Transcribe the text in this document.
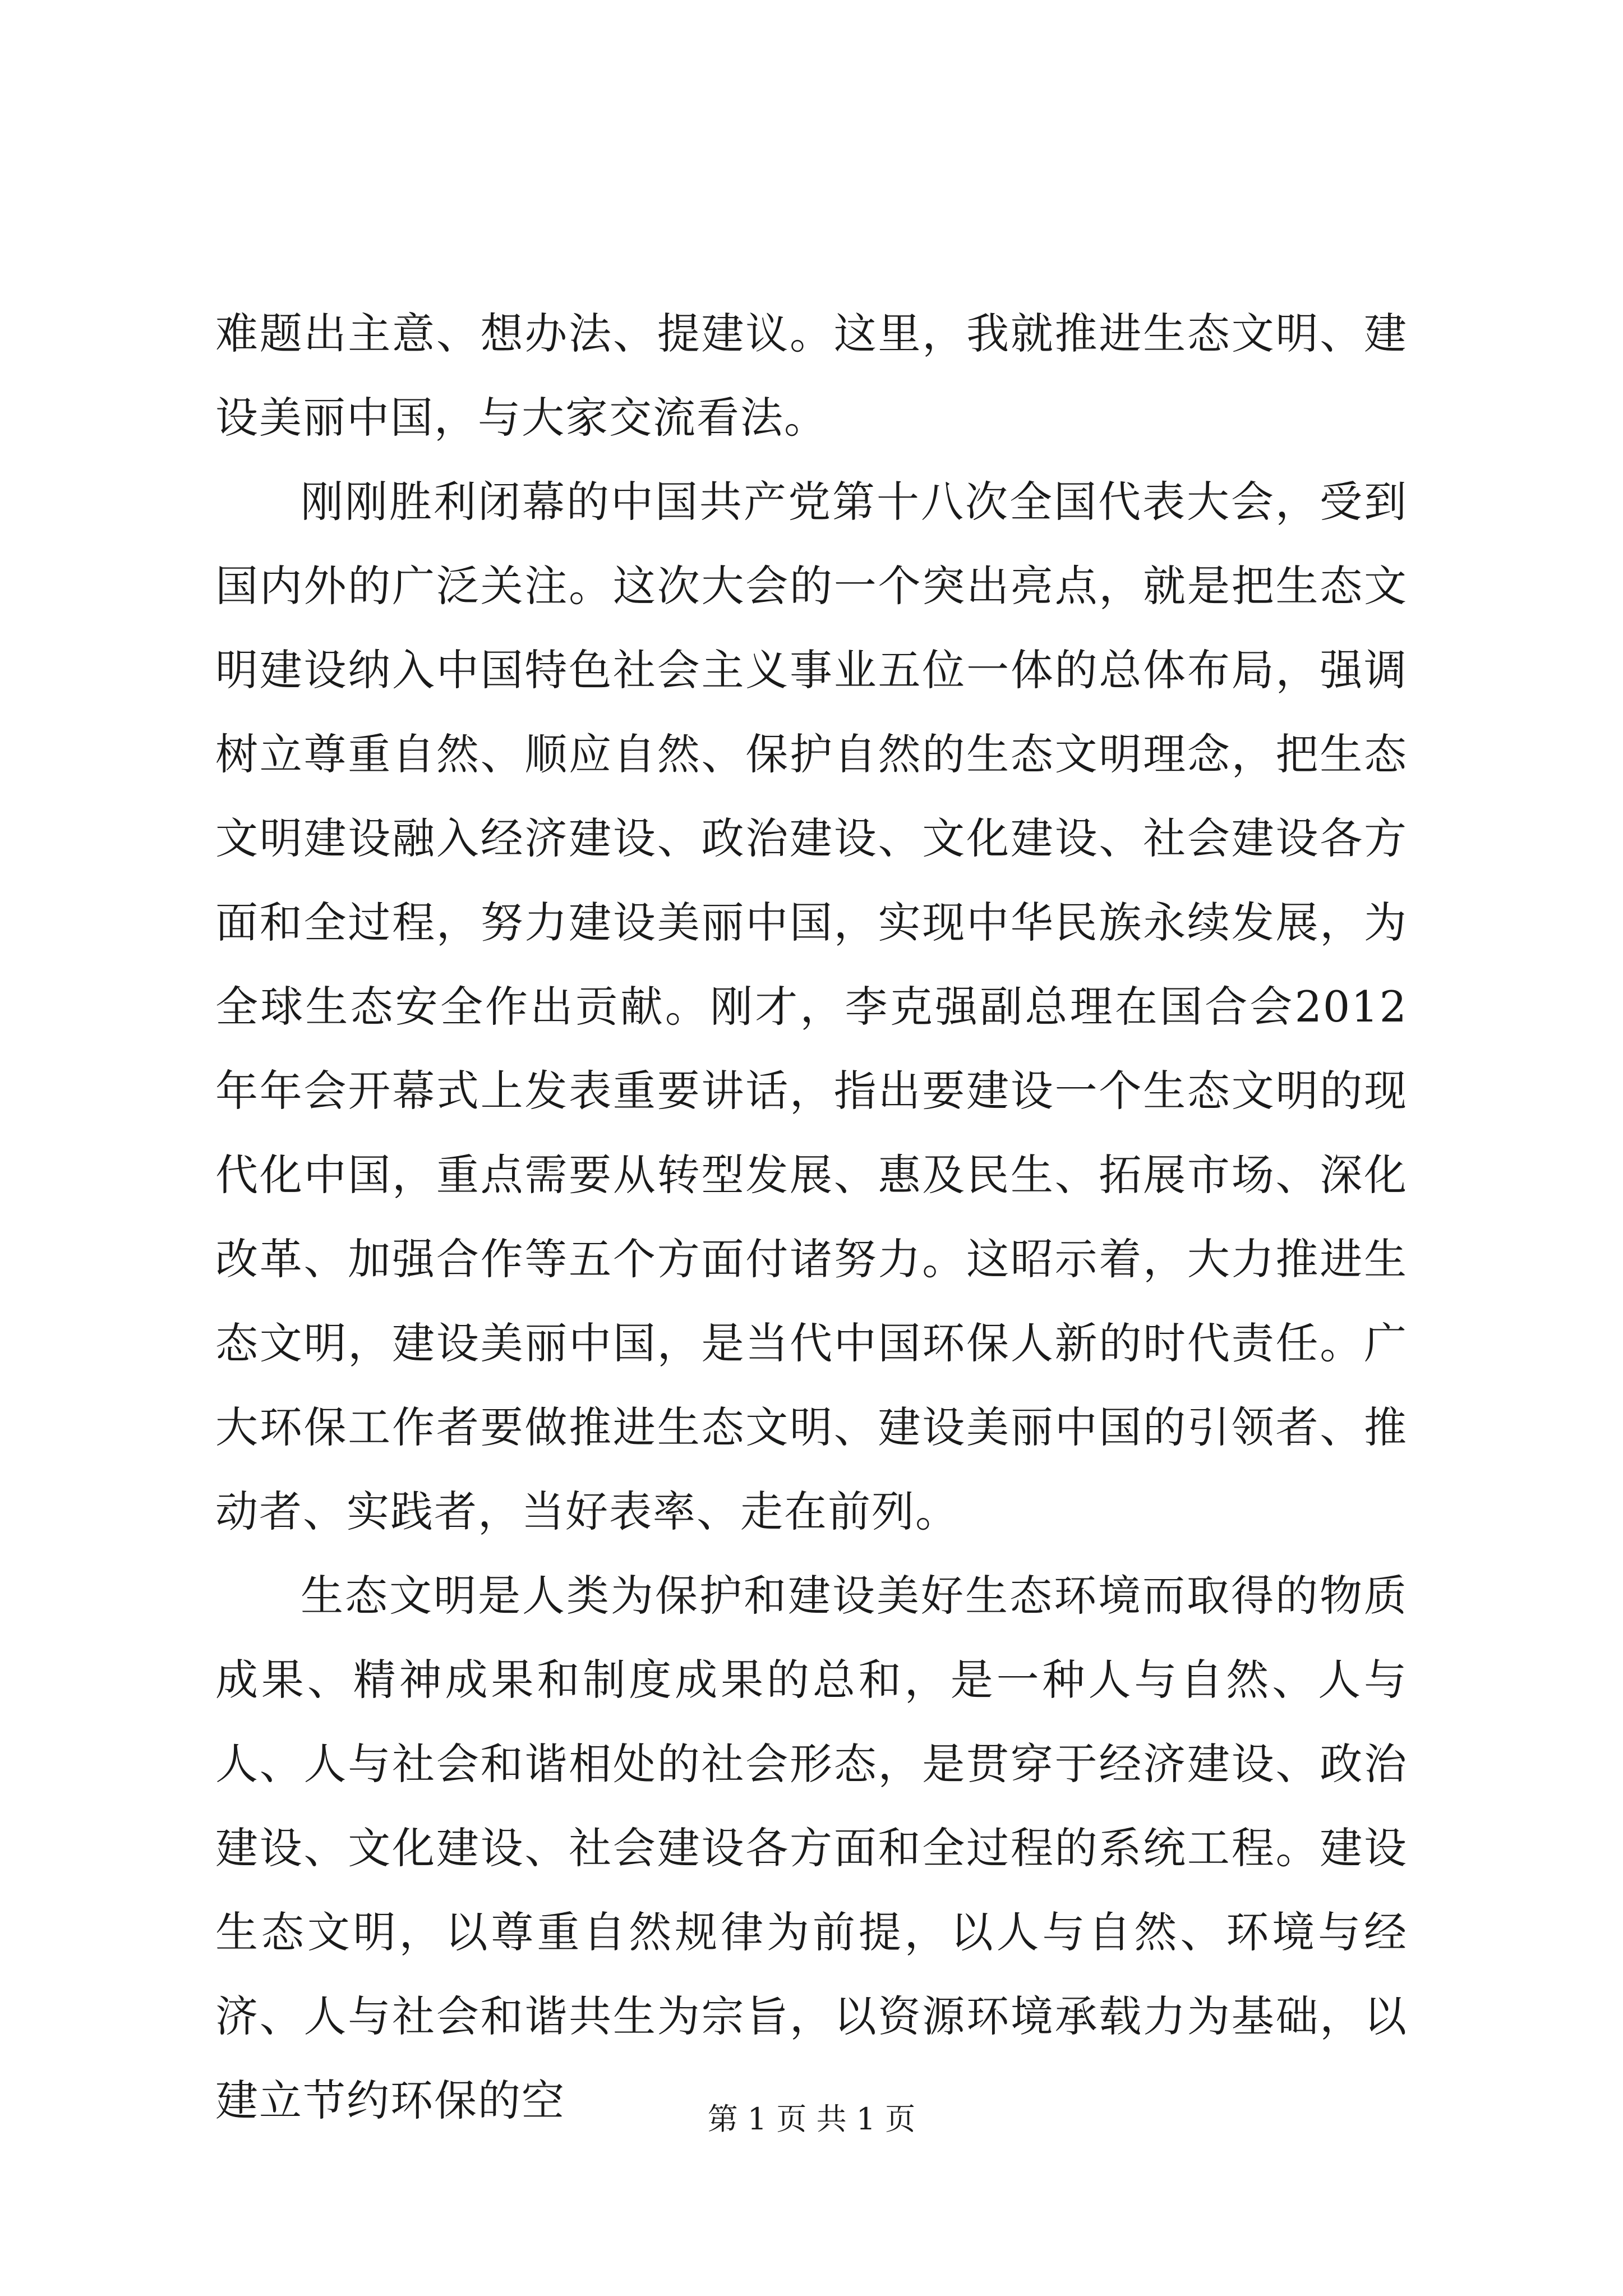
难题出主意、想办法、提建议。这里，我就推进生态文明、建设美丽中国，与大家交流看法。

刚刚胜利闭幕的中国共产党第十八次全国代表大会，受到国内外的广泛关注。这次大会的一个突出亮点，就是把生态文明建设纳入中国特色社会主义事业五位一体的总体布局，强调树立尊重自然、顺应自然、保护自然的生态文明理念，把生态文明建设融入经济建设、政治建设、文化建设、社会建设各方面和全过程，努力建设美丽中国，实现中华民族永续发展，为全球生态安全作出贡献。刚才，李克强副总理在国合会2012年年会开幕式上发表重要讲话，指出要建设一个生态文明的现代化中国，重点需要从转型发展、惠及民生、拓展市场、深化改革、加强合作等五个方面付诸努力。这昭示着，大力推进生态文明，建设美丽中国，是当代中国环保人新的时代责任。广大环保工作者要做推进生态文明、建设美丽中国的引领者、推动者、实践者，当好表率、走在前列。

生态文明是人类为保护和建设美好生态环境而取得的物质成果、精神成果和制度成果的总和，是一种人与自然、人与人、人与社会和谐相处的社会形态，是贯穿于经济建设、政治建设、文化建设、社会建设各方面和全过程的系统工程。建设生态文明，以尊重自然规律为前提，以人与自然、环境与经济、人与社会和谐共生为宗旨，以资源环境承载力为基础，以建立节约环保的空	第 1 页 共 1 页
